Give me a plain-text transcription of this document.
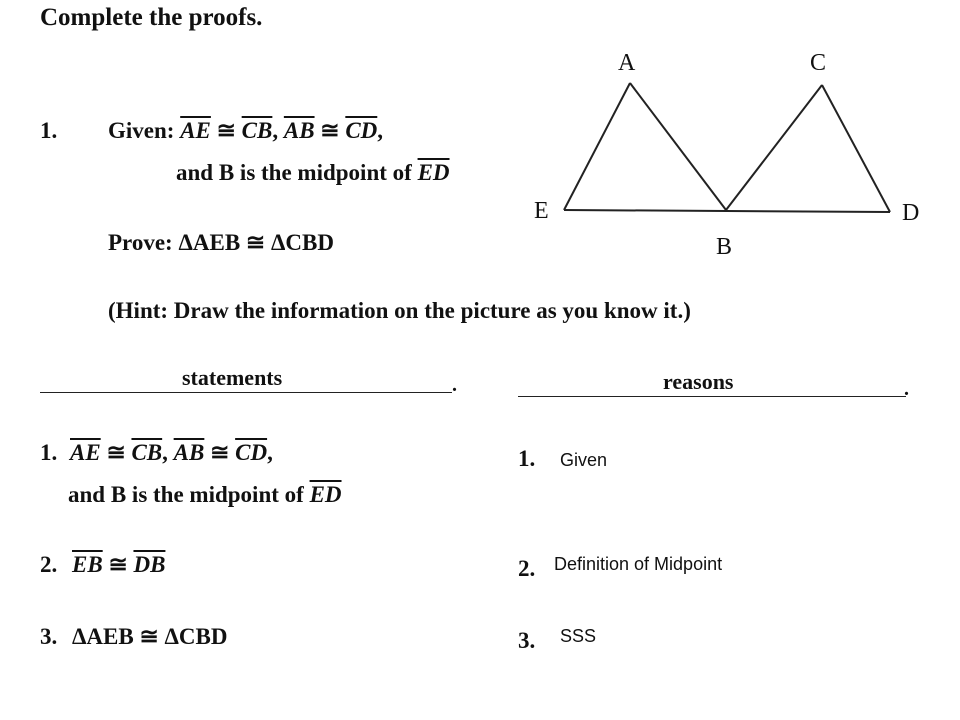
Complete the proofs.
1. Given: $\overline{AE}$ ≅ $\overline{CB}$, $\overline{AB}$ ≅ $\overline{CD}$,
and B is the midpoint of $\overline{ED}$
Prove: ΔAEB ≅ ΔCBD
(Hint: Draw the information on the picture as you know it.)
A	C
E	D
B
statements	.	reasons	.
1. $\overline{AE}$ ≅ $\overline{CB}$, $\overline{AB}$ ≅ $\overline{CD}$,
and B is the midpoint of $\overline{ED}$
1. Given
2. $\overline{EB}$ ≅ $\overline{DB}$	2. Definition of Midpoint
3. ΔAEB ≅ ΔCBD	3. SSS
